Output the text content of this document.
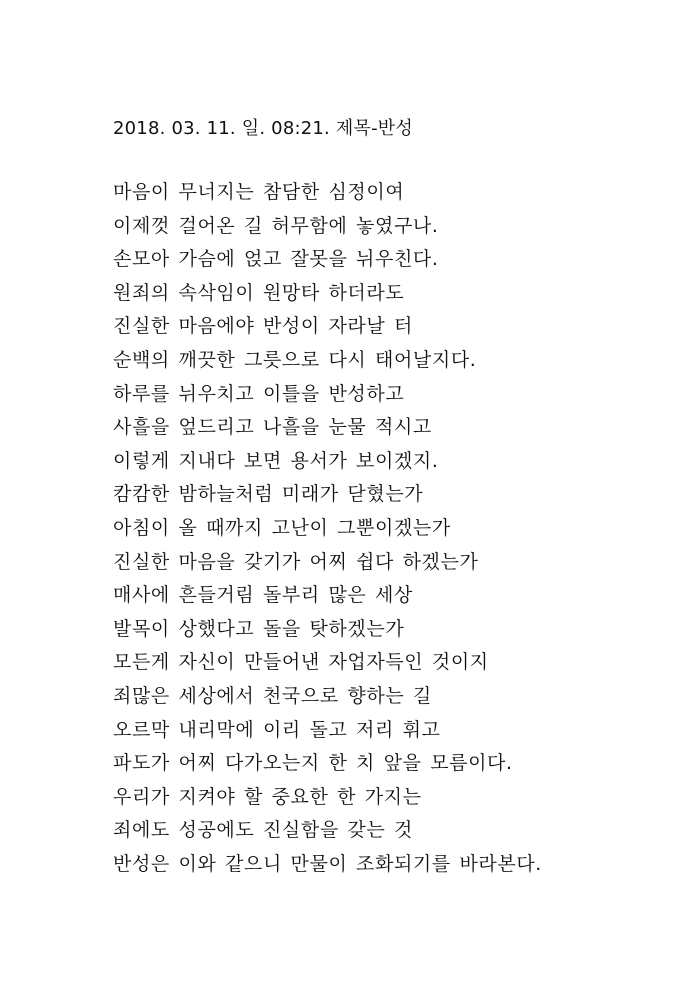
2018. 03. 11. 일. 08:21. 제목-반성
마음이 무너지는 참담한 심정이여
이제껏 걸어온 길 허무함에 놓였구나.
손모아 가슴에 얹고 잘못을 뉘우친다.
원죄의 속삭임이 원망타 하더라도
진실한 마음에야 반성이 자라날 터
순백의 깨끗한 그릇으로 다시 태어날지다.
하루를 뉘우치고 이틀을 반성하고
사흘을 엎드리고 나흘을 눈물 적시고
이렇게 지내다 보면 용서가 보이겠지.
캄캄한 밤하늘처럼 미래가 닫혔는가
아침이 올 때까지 고난이 그뿐이겠는가
진실한 마음을 갖기가 어찌 쉽다 하겠는가
매사에 흔들거림 돌부리 많은 세상
발목이 상했다고 돌을 탓하겠는가
모든게 자신이 만들어낸 자업자득인 것이지
죄많은 세상에서 천국으로 향하는 길
오르막 내리막에 이리 돌고 저리 휘고
파도가 어찌 다가오는지 한 치 앞을 모름이다.
우리가 지켜야 할 중요한 한 가지는
죄에도 성공에도 진실함을 갖는 것
반성은 이와 같으니 만물이 조화되기를 바라본다.
